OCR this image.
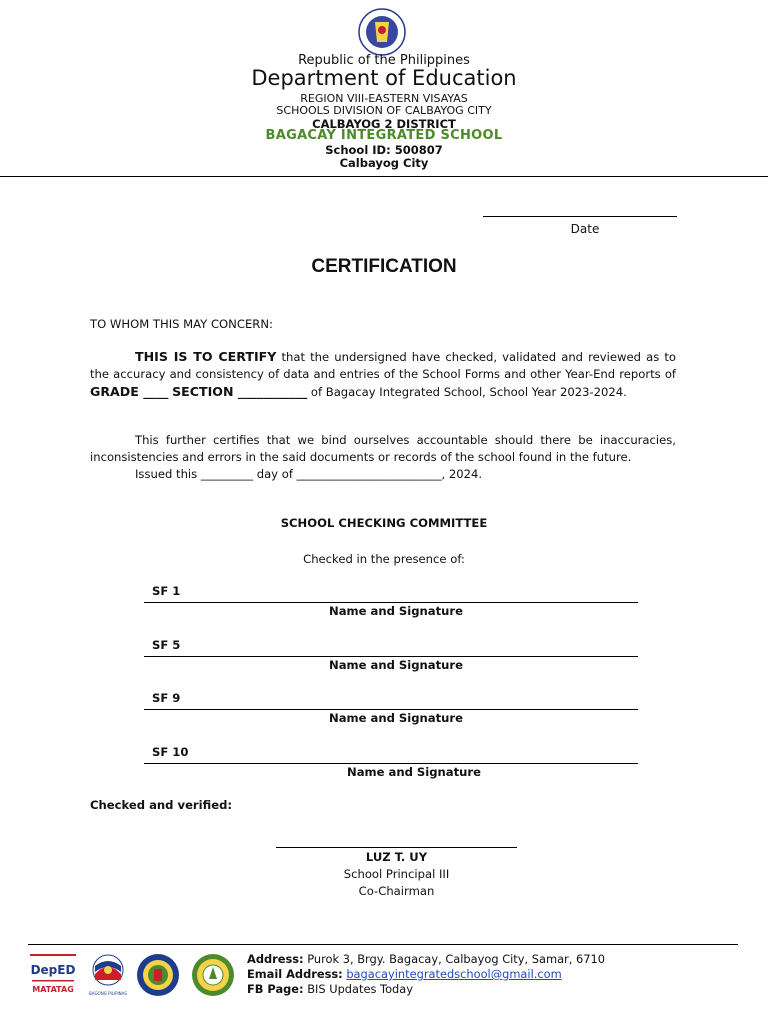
Republic of the Philippines
Department of Education
REGION VIII-EASTERN VISAYAS
SCHOOLS DIVISION OF CALBAYOG CITY
CALBAYOG 2 DISTRICT
BAGACAY INTEGRATED SCHOOL
School ID: 500807
Calbayog City
Date
CERTIFICATION
TO WHOM THIS MAY CONCERN:
THIS IS TO CERTIFY that the undersigned have checked, validated and reviewed as to the accuracy and consistency of data and entries of the School Forms and other Year-End reports of GRADE ____ SECTION ___________ of Bagacay Integrated School, School Year 2023-2024.
This further certifies that we bind ourselves accountable should there be inaccuracies, inconsistencies and errors in the said documents or records of the school found in the future.
Issued this _________ day of _________________________, 2024.
SCHOOL CHECKING COMMITTEE
Checked in the presence of:
SF 1
Name and Signature
SF 5
Name and Signature
SF 9
Name and Signature
SF 10
Name and Signature
Checked and verified:
LUZ T. UY
School Principal III
Co-Chairman
DepED
MATATAG	BAGONG PILIPINAS
Address: Purok 3, Brgy. Bagacay, Calbayog City, Samar, 6710
Email Address: bagacayintegratedschool@gmail.com
FB Page: BIS Updates Today
